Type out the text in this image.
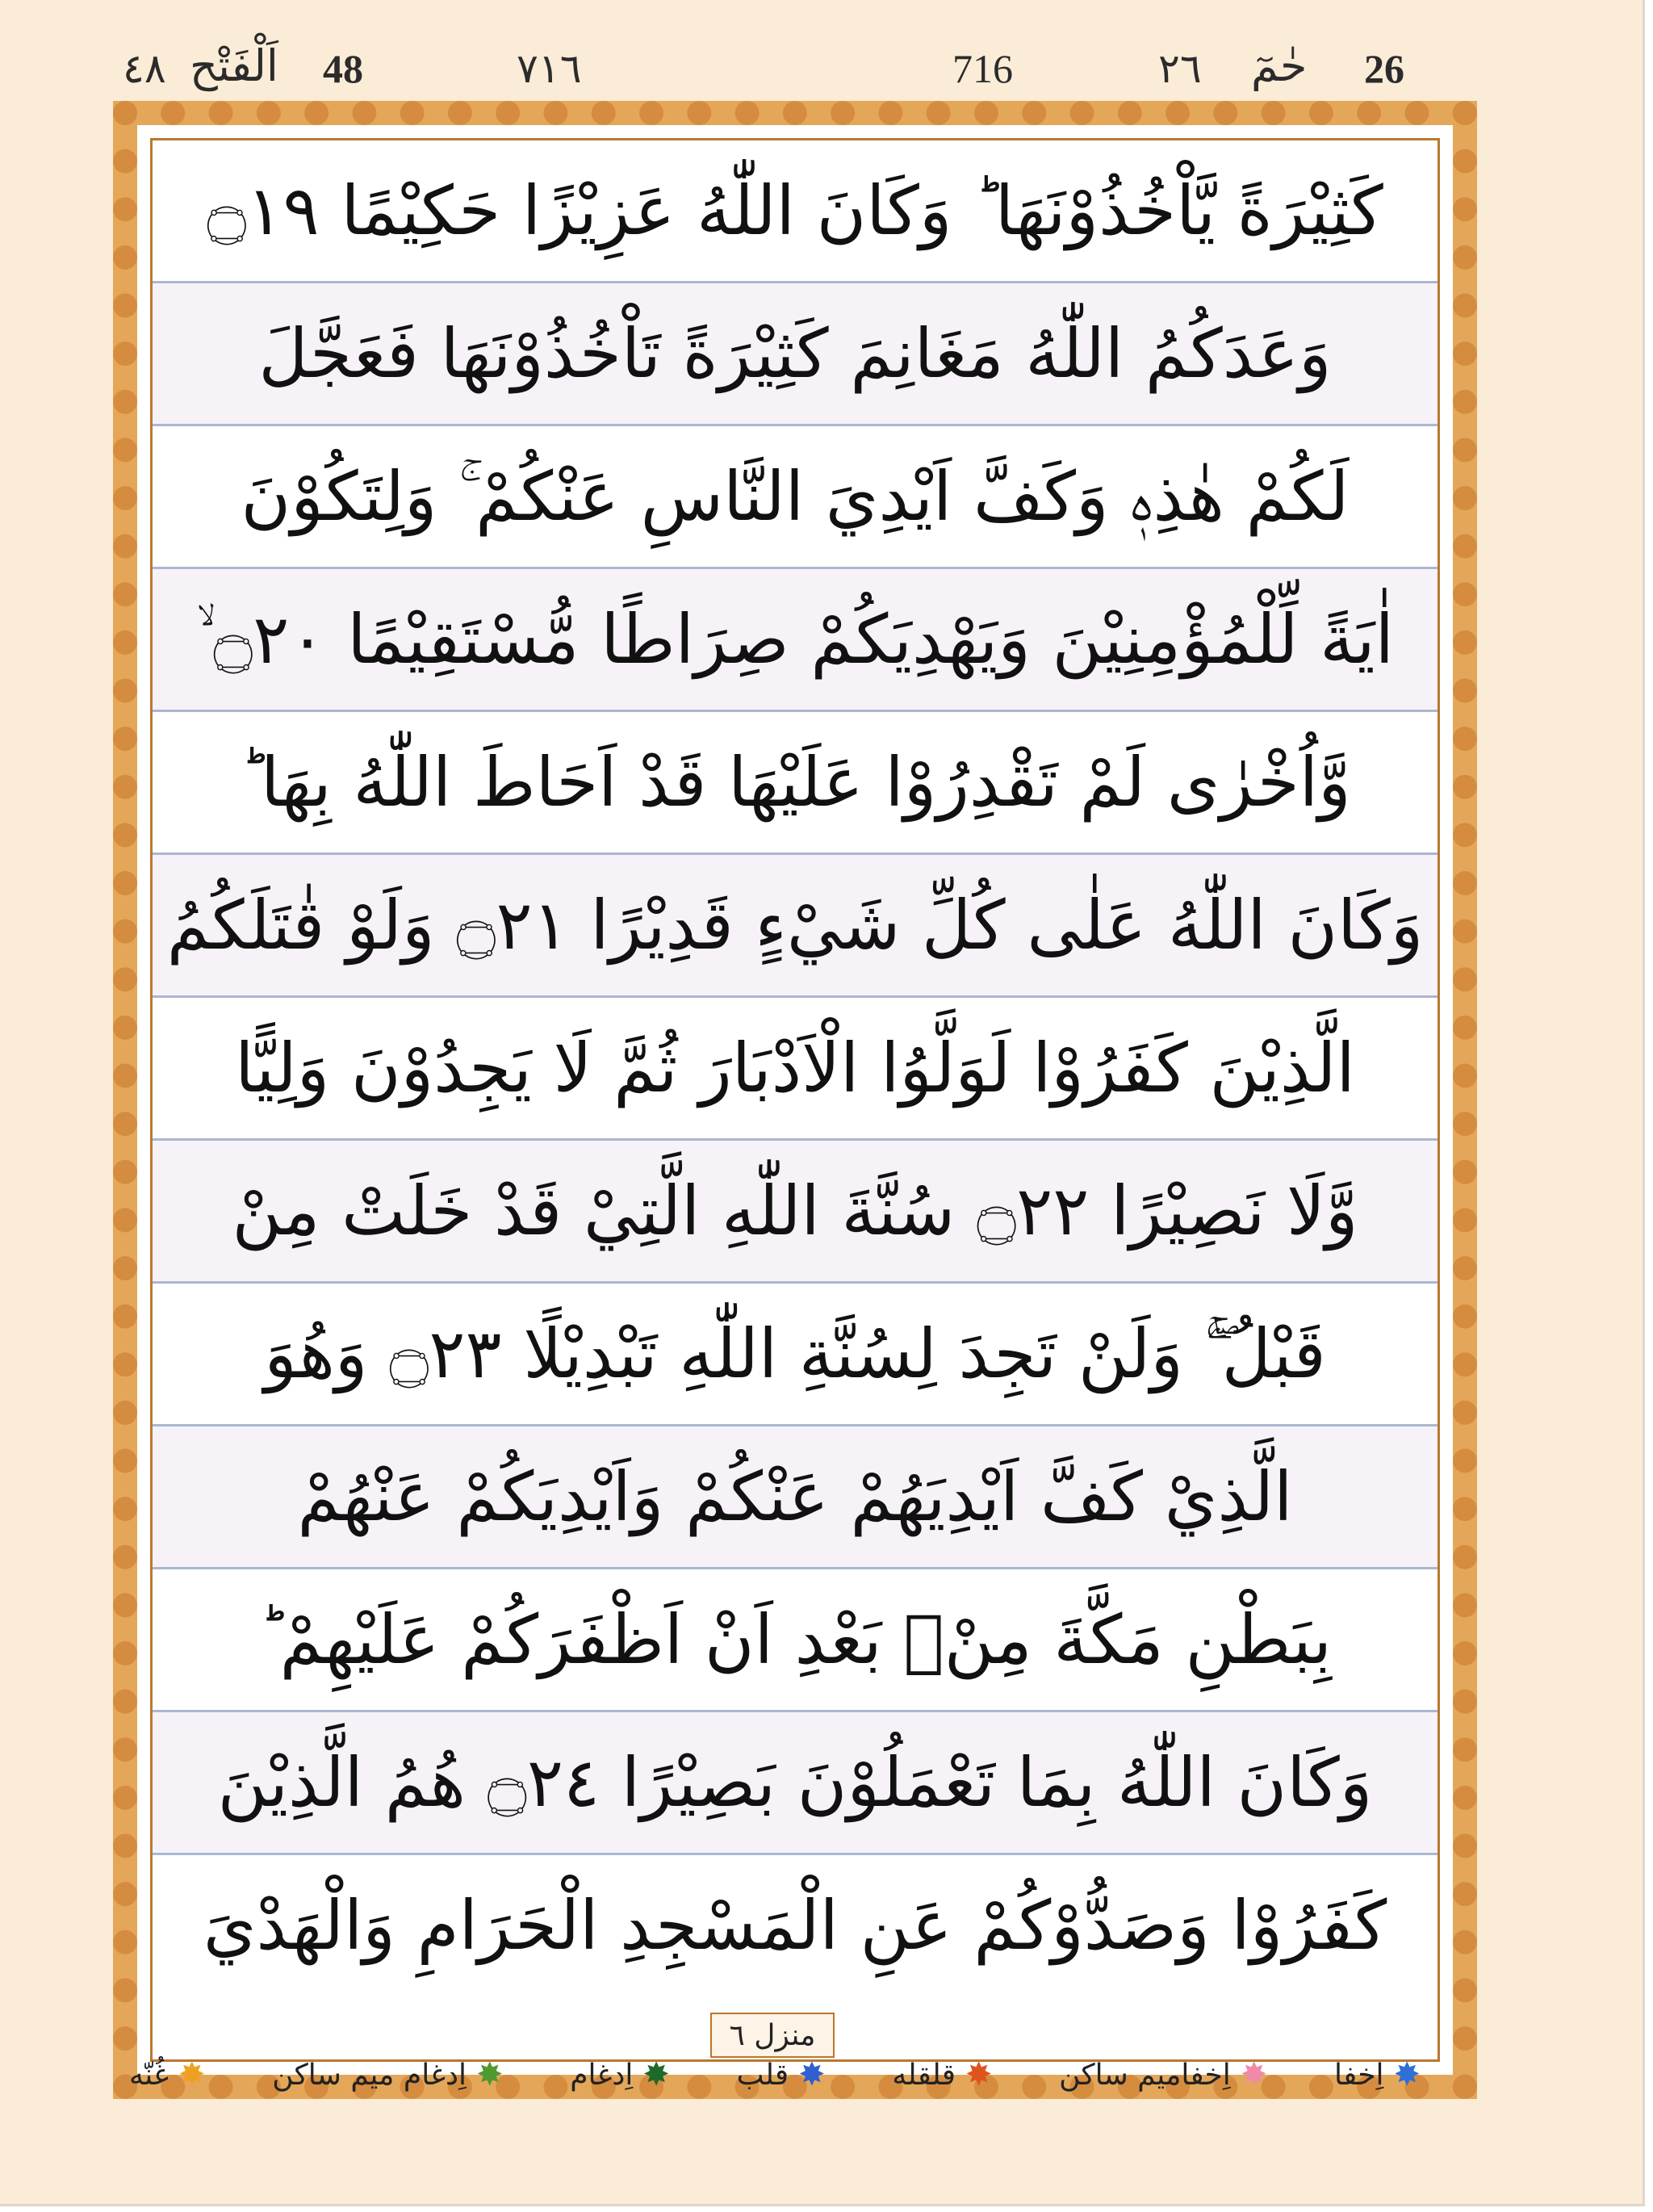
٤٨ اَلْفَتْح 48	٧١٦	716	٢٦ حٰمٓ 26
كَثِيْرَةً يَّاْخُذُوْنَهَا ؕ وَكَانَ اللّٰهُ عَزِيْزًا حَكِيْمًا ۝١٩
وَعَدَكُمُ اللّٰهُ مَغَانِمَ كَثِيْرَةً تَاْخُذُوْنَهَا فَعَجَّلَ
لَكُمْ هٰذِهٖ وَكَفَّ اَيْدِيَ النَّاسِ عَنْكُمْ ۚ وَلِتَكُوْنَ
اٰيَةً لِّلْمُؤْمِنِيْنَ وَيَهْدِيَكُمْ صِرَاطًا مُّسْتَقِيْمًا ۝٢٠ ۙ
وَّاُخْرٰى لَمْ تَقْدِرُوْا عَلَيْهَا قَدْ اَحَاطَ اللّٰهُ بِهَا ؕ
وَكَانَ اللّٰهُ عَلٰى كُلِّ شَيْءٍ قَدِيْرًا ۝٢١ وَلَوْ قٰتَلَكُمُ
الَّذِيْنَ كَفَرُوْا لَوَلَّوُا الْاَدْبَارَ ثُمَّ لَا يَجِدُوْنَ وَلِيًّا
وَّلَا نَصِيْرًا ۝٢٢ سُنَّةَ اللّٰهِ الَّتِيْ قَدْ خَلَتْ مِنْ
قَبْلُ ۚۖ وَلَنْ تَجِدَ لِسُنَّةِ اللّٰهِ تَبْدِيْلًا ۝٢٣ وَهُوَ
الَّذِيْ كَفَّ اَيْدِيَهُمْ عَنْكُمْ وَاَيْدِيَكُمْ عَنْهُمْ
بِبَطْنِ مَكَّةَ مِنْۢ بَعْدِ اَنْ اَظْفَرَكُمْ عَلَيْهِمْ ؕ
وَكَانَ اللّٰهُ بِمَا تَعْمَلُوْنَ بَصِيْرًا ۝٢٤ هُمُ الَّذِيْنَ
كَفَرُوْا وَصَدُّوْكُمْ عَنِ الْمَسْجِدِ الْحَرَامِ وَالْهَدْيَ
منزل ٦
✸
اِخفا
✸
اِخفامیم ساکن
✸
قلقله
✸
قلب
✸
اِدغام
✸
اِدغام میم ساکن
✸
غُنّه
